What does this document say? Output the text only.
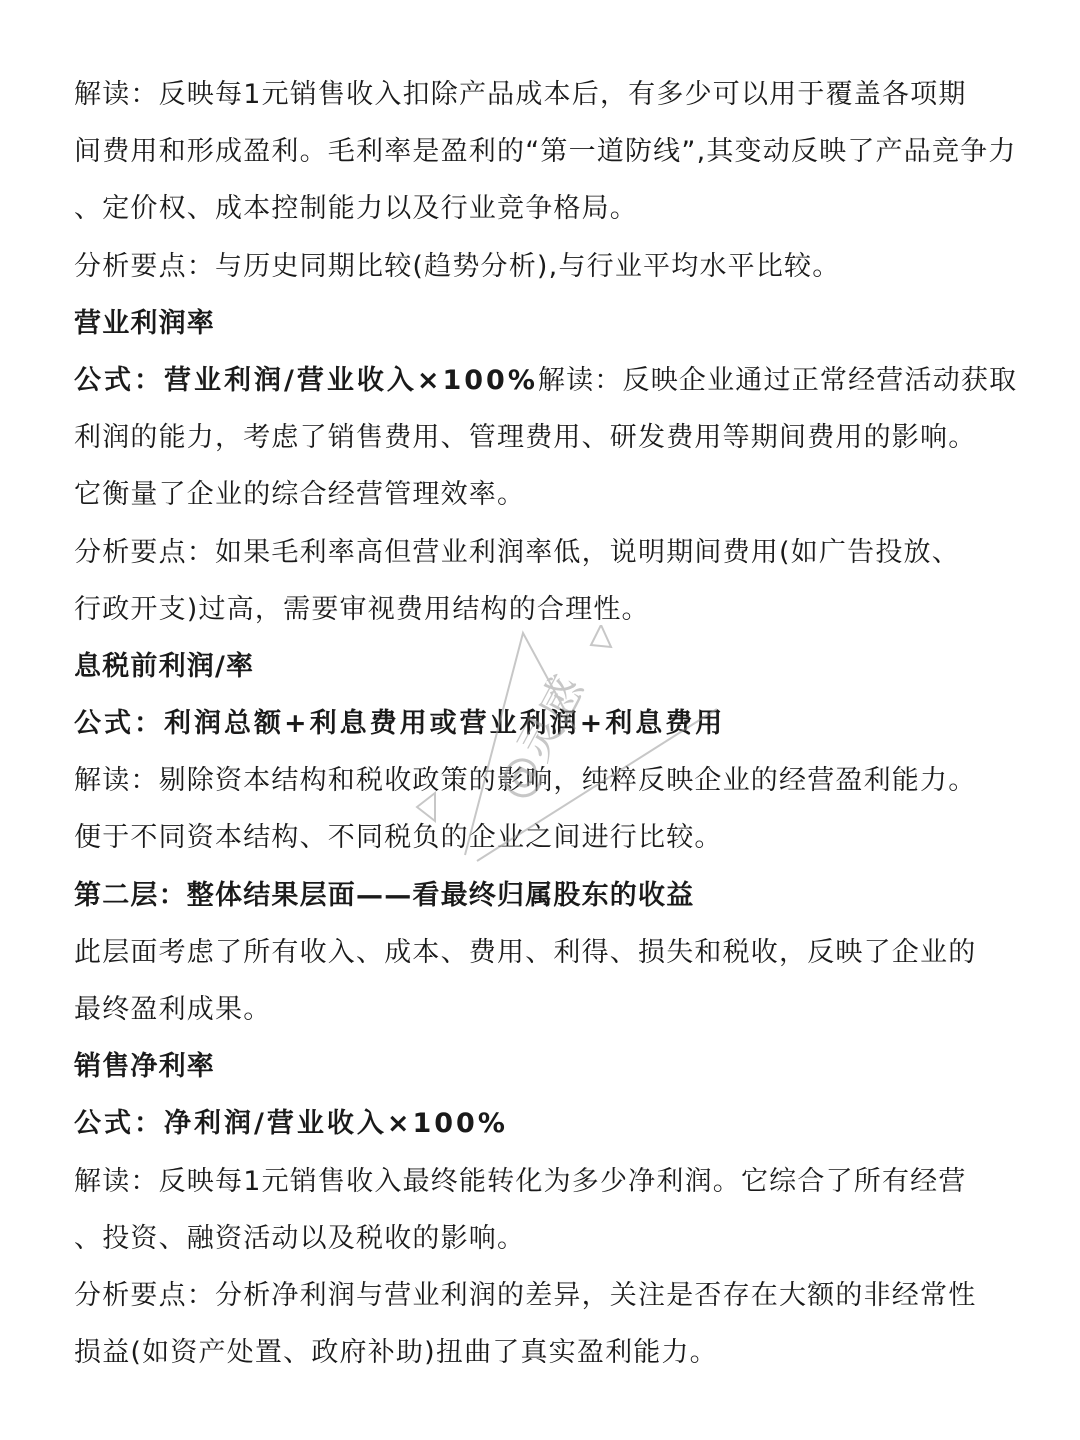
解读：反映每1元销售收入扣除产品成本后，有多少可以用于覆盖各项期
间费用和形成盈利。毛利率是盈利的“第一道防线”,其变动反映了产品竞争力
、定价权、成本控制能力以及行业竞争格局。
分析要点：与历史同期比较(趋势分析),与行业平均水平比较。
营业利润率
公式：营业利润/营业收入×100%解读：反映企业通过正常经营活动获取
利润的能力，考虑了销售费用、管理费用、研发费用等期间费用的影响。
它衡量了企业的综合经营管理效率。
分析要点：如果毛利率高但营业利润率低，说明期间费用(如广告投放、
行政开支)过高，需要审视费用结构的合理性。
息税前利润/率
公式：利润总额+利息费用或营业利润+利息费用
解读：剔除资本结构和税收政策的影响，纯粹反映企业的经营盈利能力。
便于不同资本结构、不同税负的企业之间进行比较。
第二层：整体结果层面——看最终归属股东的收益
此层面考虑了所有收入、成本、费用、利得、损失和税收，反映了企业的
最终盈利成果。
销售净利率
公式：净利润/营业收入×100%
解读：反映每1元销售收入最终能转化为多少净利润。它综合了所有经营
、投资、融资活动以及税收的影响。
分析要点：分析净利润与营业利润的差异，关注是否存在大额的非经常性
损益(如资产处置、政府补助)扭曲了真实盈利能力。
@灵感
